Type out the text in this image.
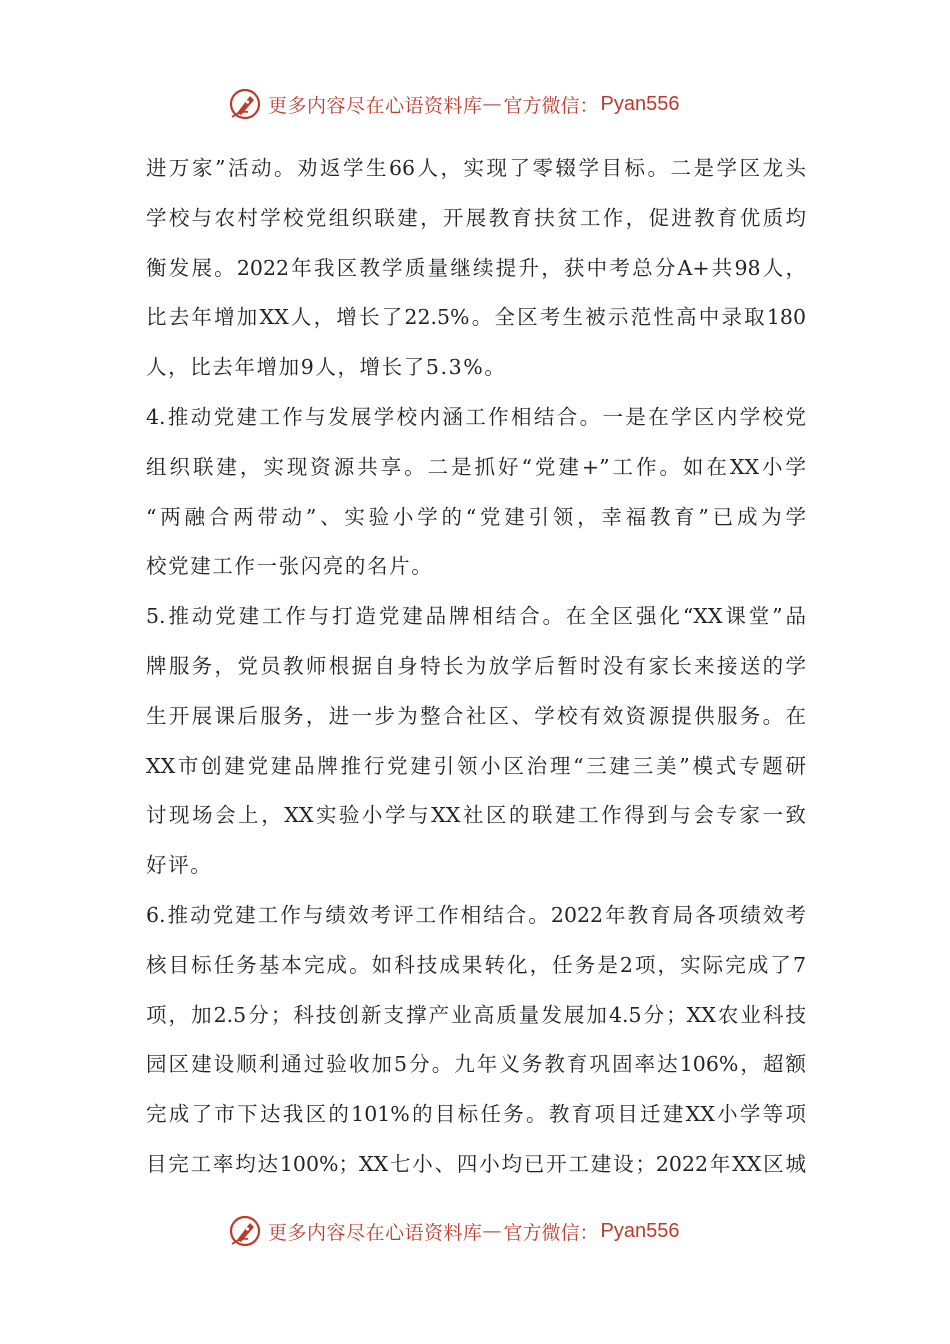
更多内容尽在心语资料库 — 官方微信： Pyan556
进万家”活动。劝返学生66人，实现了零辍学目标。二是学区龙头
学校与农村学校党组织联建，开展教育扶贫工作，促进教育优质均
衡发展。2022年我区教学质量继续提升，获中考总分A+共98人，
比去年增加XX人，增长了22.5%。全区考生被示范性高中录取180
人，比去年增加9人，增长了5.3%。
4.推动党建工作与发展学校内涵工作相结合。一是在学区内学校党
组织联建，实现资源共享。二是抓好“党建+”工作。如在XX小学
“两融合两带动”、实验小学的“党建引领，幸福教育”已成为学
校党建工作一张闪亮的名片。
5.推动党建工作与打造党建品牌相结合。在全区强化“XX课堂”品
牌服务，党员教师根据自身特长为放学后暂时没有家长来接送的学
生开展课后服务，进一步为整合社区、学校有效资源提供服务。在
XX市创建党建品牌推行党建引领小区治理“三建三美”模式专题研
讨现场会上，XX实验小学与XX社区的联建工作得到与会专家一致
好评。
6.推动党建工作与绩效考评工作相结合。2022年教育局各项绩效考
核目标任务基本完成。如科技成果转化，任务是2项，实际完成了7
项，加2.5分；科技创新支撑产业高质量发展加4.5分；XX农业科技
园区建设顺利通过验收加5分。九年义务教育巩固率达106%，超额
完成了市下达我区的101%的目标任务。教育项目迁建XX小学等项
目完工率均达100%；XX七小、四小均已开工建设；2022年XX区城
更多内容尽在心语资料库 — 官方微信： Pyan556
